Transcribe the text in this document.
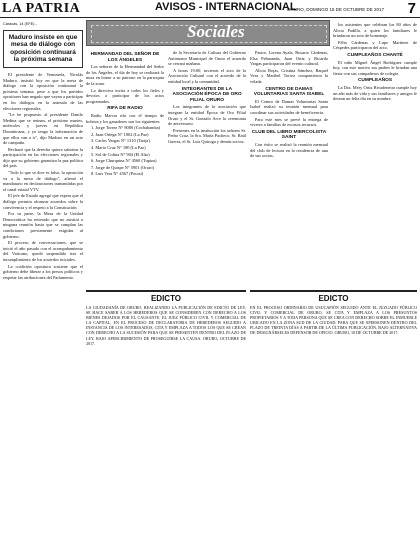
LA PATRIA	AVISOS - INTERNACIONAL
ORURO, DOMINGO 15 DE OCTUBRE DE 2017 7
Caracas, 14 (EFE).-
Maduro insiste en que mesa de diálogo con oposición continuará la próxima semana

El presidente de Venezuela, Nicolás Maduro, insistió hoy en que la mesa de diálogo con la oposición continuará la próxima semana, pese a que los partidos opositores han negado que vayan a participar en los diálogos en la antesala de las elecciones regionales.

"Le he propuesto al presidente Danilo Medina que se reúnan, el próximo martes, miércoles y jueves en República Dominicana, y yo tengo la información de que ellos van a ir", dijo Maduro en un acto de campaña.

Rechazó que la derecha quiera sabotear la participación en las elecciones regionales y dijo que su gobierno garantiza la paz política del país.

"Todo lo que se dice es falso, la oposición va a la mesa de diálogo", afirmó el mandatario en declaraciones transmitidas por el canal estatal VTV.

El jefe de Estado agregó que espera que el diálogo permita alcanzar acuerdos sobre la convivencia y el respeto a la Constitución.

Por su parte, la Mesa de la Unidad Democrática ha reiterado que no asistirá a ninguna reunión hasta que se cumplan las condiciones previamente exigidas al gobierno.

El proceso de conversaciones, que se inició el año pasado con el acompañamiento del Vaticano, quedó suspendido tras el incumplimiento de los acuerdos iniciales.

La coalición opositora sostiene que el gobierno debe liberar a los presos políticos y respetar las atribuciones del Parlamento.

Sociales
HERMANDAD DEL SEÑOR DE LOS ÁNGELES

Los señores de la Hermandad del Señor de los Ángeles, el día de hoy se realizará la misa en honor a su patrono en la parroquia de la zona.

La directiva invita a todos los fieles y devotos a participar de los actos programados.

RIFA DE RADIO

Radio Marcia rifa con el tiempo de boletos y los ganadores son los siguientes:

1. Jorge Torrez N° 8080 (Cochabamba)

2. Juan Ortega N° 1802 (La Paz)

3. Carlos Vargas N° 1310 (Tarija)

4. Mario Cruz N° 180 (La Paz)

5. Sol de Colina N° 904 (El Alto)

6. Jorge Churquina N° 4560 (Tupiza)

7. Jorge de Quispe N° 5901 (Oruro)

8. Luis Vera N° 4567 (Potosí)

de la Secretaría de Cultura del Gobierno Autónomo Municipal de Oruro el acuerdo se cerrará mañana.

A horas 19:00, tuvieron el acto de la Asociación Cultural con el acuerdo de la entidad local y la comunidad.

INTEGRANTES DE LA ASOCIACIÓN ÉPOCA DE ORO FILIAL ORURO

Los integrantes de la asociación que integran la entidad Época de Oro Filial Oruro y el Sr. Gonzalo Arce la ceremonia de aniversario.

Presentes en la institución los señores Sr. Pedro Cruz, la Sra. María Pacheco, Sr. Raúl Guerra, el Sr. Luis Quiroga y demás socios.

Pastor, Lorena Ayala, Rosario Cárdenas, Elsa Peñaranda, Juan Ortiz y Ricardo Vargas participaron del evento cultural.

Alicia Rojas, Cristina Sánchez, Raquel Vera y Maribel Torrez compartieron la velada.

CENTRO DE DAMAS VOLUNTARIAS SANTA ISABEL

El Centro de Damas Voluntarias Santa Isabel realizó su reunión mensual para coordinar sus actividades de beneficencia.

Para este mes se prevé la entrega de víveres a familias de escasos recursos.

CLUB DEL LIBRO MIERCOLISTA SAINT

Con éxito se realizó la reunión mensual del club de lectura en la residencia de una de sus socias.

los asistentes que celebran los 80 años de Alicia Padilla, a quien los familiares le brindaron un acto de homenaje.

Félix Cárdenas y Lupe Martínez de Céspedes participaron del acto.

CUMPLEAÑOS CHANTÉ

El niño Miguel Ángel Rodríguez cumple hoy, con este motivo sus padres le brindan una fiesta con sus compañeros de colegio.

CUMPLEAÑOS

La Dra. Mery Ortiz Rivadeneira cumple hoy un año más de vida y sus familiares y amigos le desean un feliz día en su nombre.

EDICTO
LA CIUDADANÍA DE ORURO, REALIZANDO LA PUBLICACIÓN DE EDICTO DE LEY, SE HACE SABER A LOS HEREDEROS QUE SE CONSIDEREN CON DERECHO A LOS BIENES DEJADOS POR EL CAUSANTE. EL JUEZ PÚBLICO CIVIL Y COMERCIAL DE LA CAPITAL, EN EL PROCESO DE DECLARATORIA DE HEREDEROS SEGUIDO A INSTANCIA DE LOS INTERESADOS, CITA Y EMPLAZA A TODOS LOS QUE SE CREAN CON DERECHO A LA SUCESIÓN PARA QUE SE PRESENTEN DENTRO DEL PLAZO DE LEY, BAJO APERCIBIMIENTO DE PROSEGUIRSE LA CAUSA. ORURO, OCTUBRE DE 2017.
EDICTO
EN EL PROCESO ORDINARIO DE USUCAPIÓN SEGUIDO ANTE EL JUZGADO PÚBLICO CIVIL Y COMERCIAL DE ORURO, SE CITA Y EMPLAZA A LOS PRESUNTOS PROPIETARIOS Y A TODA PERSONA QUE SE CREA CON DERECHO SOBRE EL INMUEBLE UBICADO EN LA ZONA SUD DE LA CIUDAD, PARA QUE SE APERSONEN DENTRO DEL PLAZO DE TREINTA DÍAS A PARTIR DE LA ÚLTIMA PUBLICACIÓN, BAJO ALTERNATIVA DE DESIGNÁRSELES DEFENSOR DE OFICIO. ORURO, 10 DE OCTUBRE DE 2017.
